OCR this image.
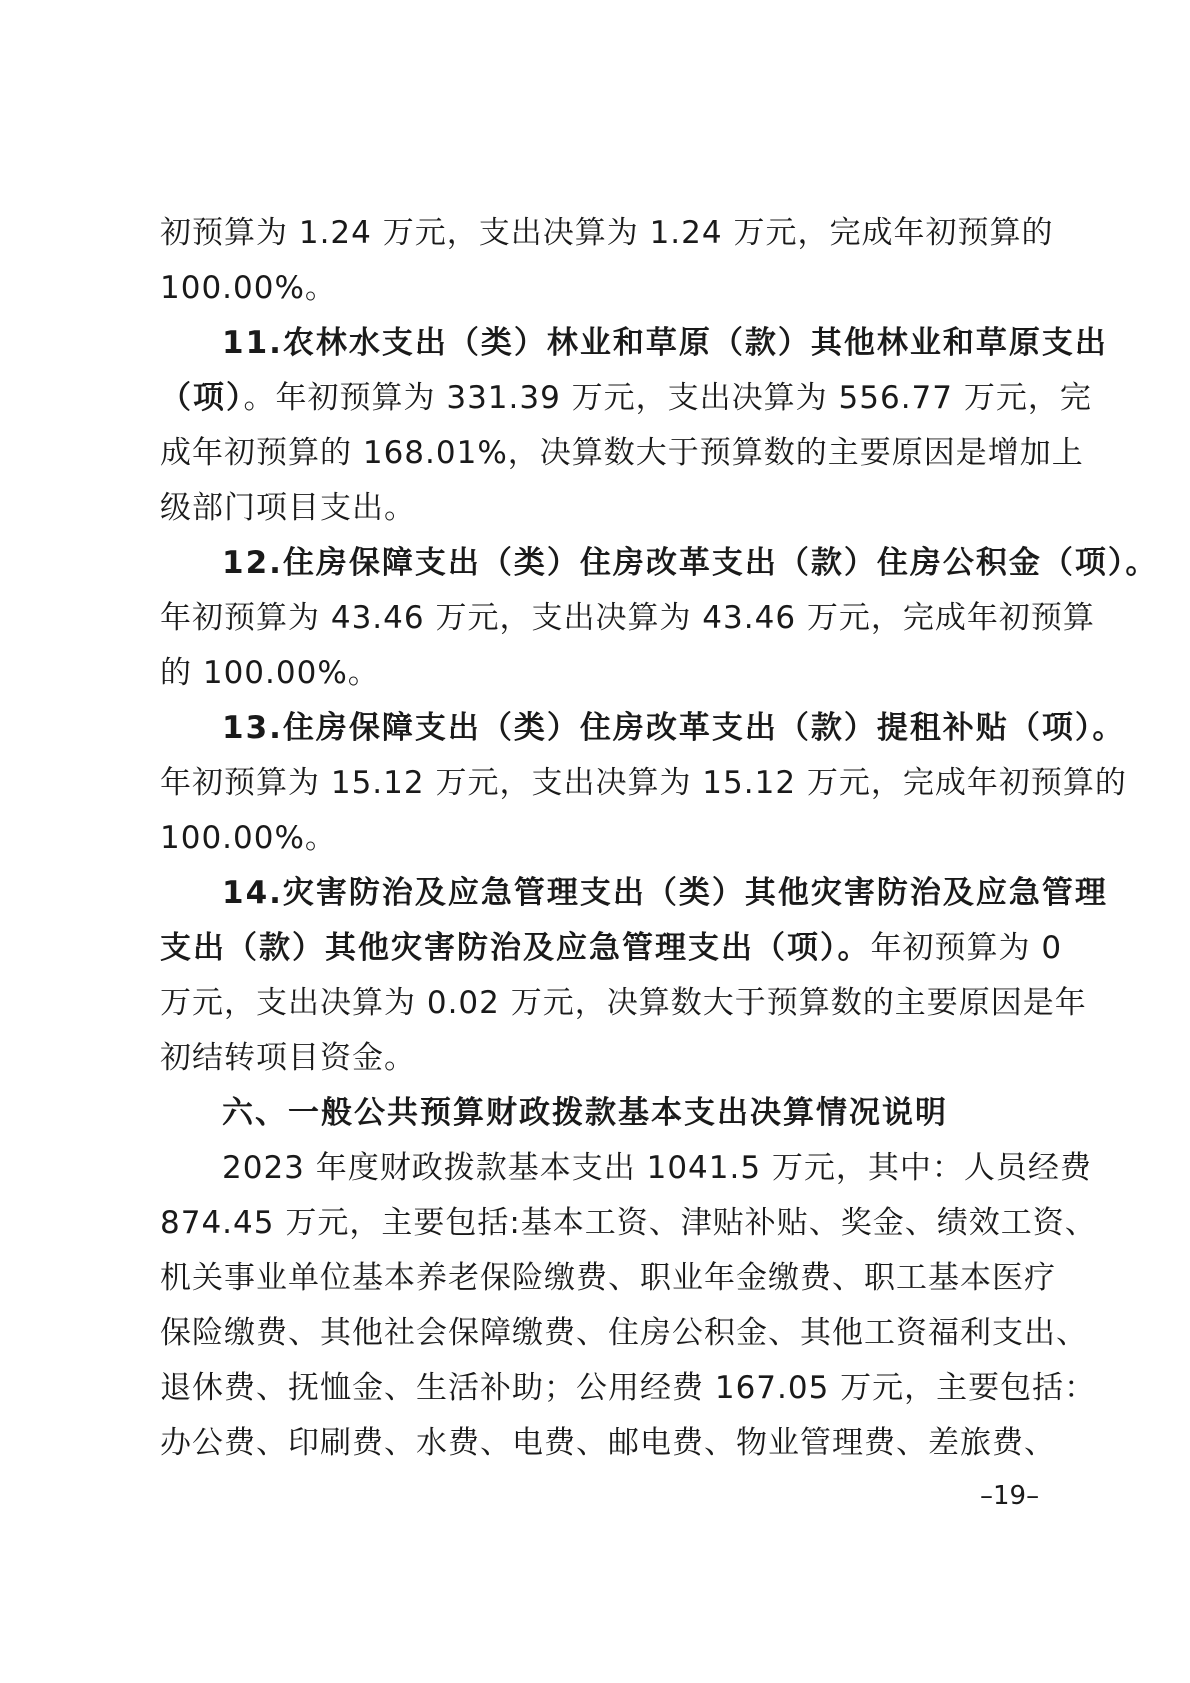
初预算为 1.24 万元，支出决算为 1.24 万元，完成年初预算的
100.00%。
11.农林水支出（类）林业和草原（款）其他林业和草原支出
（项）。年初预算为 331.39 万元，支出决算为 556.77 万元，完
成年初预算的 168.01%，决算数大于预算数的主要原因是增加上
级部门项目支出。
12.住房保障支出（类）住房改革支出（款）住房公积金（项）。
年初预算为 43.46 万元，支出决算为 43.46 万元，完成年初预算
的 100.00%。
13.住房保障支出（类）住房改革支出（款）提租补贴（项）。
年初预算为 15.12 万元，支出决算为 15.12 万元，完成年初预算的
100.00%。
14.灾害防治及应急管理支出（类）其他灾害防治及应急管理
支出（款）其他灾害防治及应急管理支出（项）。年初预算为 0
万元，支出决算为 0.02 万元，决算数大于预算数的主要原因是年
初结转项目资金。
六、一般公共预算财政拨款基本支出决算情况说明
2023 年度财政拨款基本支出 1041.5 万元，其中：人员经费
874.45 万元，主要包括:基本工资、津贴补贴、奖金、绩效工资、
机关事业单位基本养老保险缴费、职业年金缴费、职工基本医疗
保险缴费、其他社会保障缴费、住房公积金、其他工资福利支出、
退休费、抚恤金、生活补助；公用经费 167.05 万元，主要包括：
办公费、印刷费、水费、电费、邮电费、物业管理费、差旅费、
–19–
